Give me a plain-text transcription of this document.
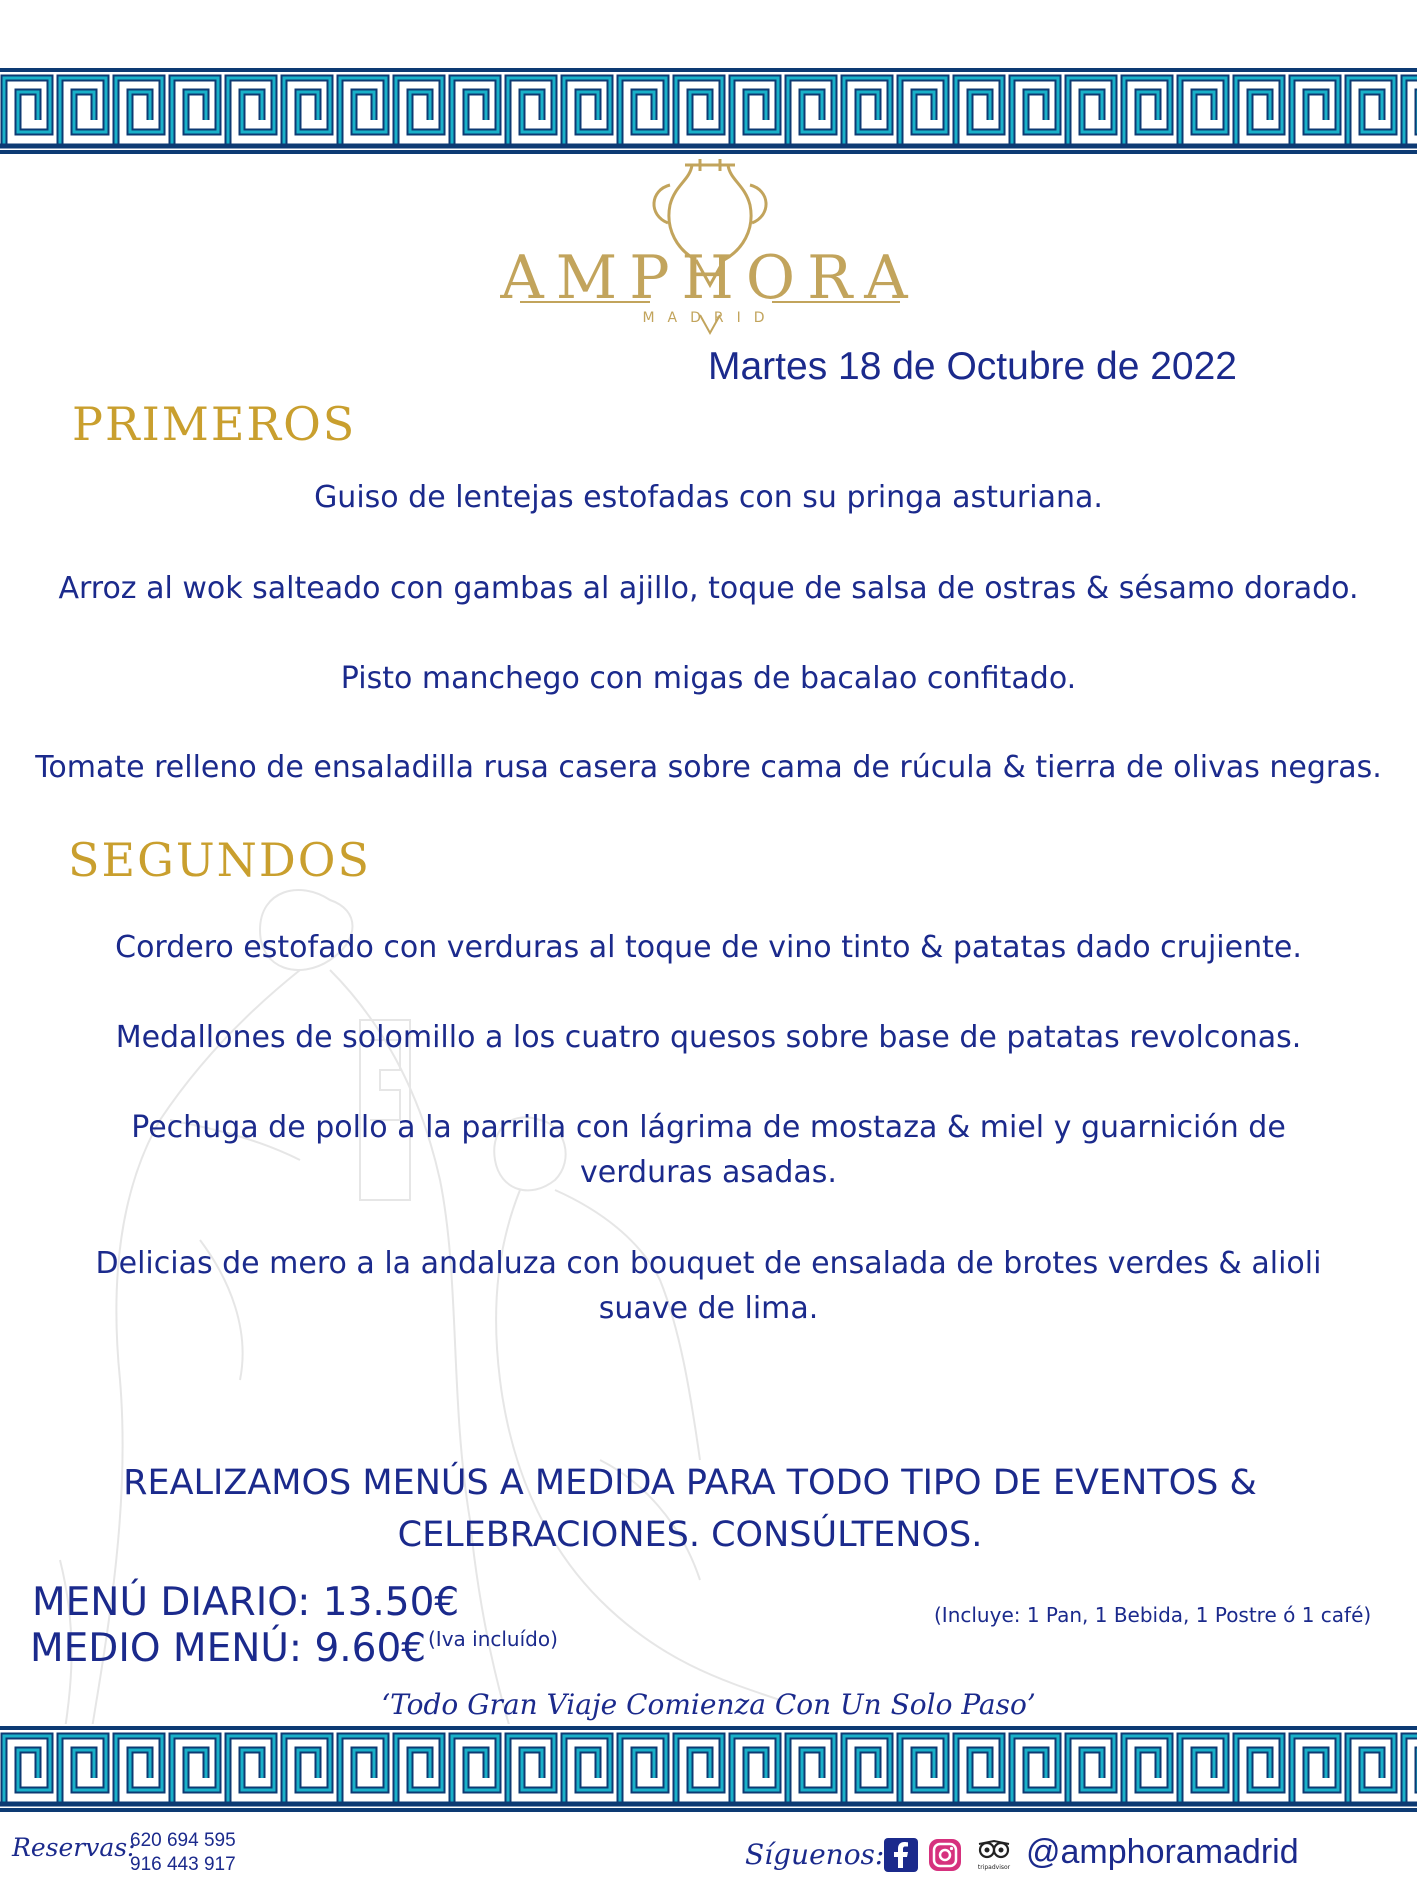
AMPHORA
MADRID
Martes 18 de Octubre de 2022
PRIMEROS
Guiso de lentejas estofadas con su pringa asturiana.
Arroz al wok salteado con gambas al ajillo, toque de salsa de ostras & sésamo dorado.
Pisto manchego con migas de bacalao confitado.
Tomate relleno de ensaladilla rusa casera sobre cama de rúcula & tierra de olivas negras.
SEGUNDOS
Cordero estofado con verduras al toque de vino tinto & patatas dado crujiente.
Medallones de solomillo a los cuatro quesos sobre base de patatas revolconas.
Pechuga de pollo a la parrilla con lágrima de mostaza & miel y guarnición de
verduras asadas.
Delicias de mero a la andaluza con bouquet de ensalada de brotes verdes & alioli
suave de lima.
REALIZAMOS MENÚS A MEDIDA PARA TODO TIPO DE EVENTOS &
CELEBRACIONES. CONSÚLTENOS.
MENÚ DIARIO: 13.50€
MEDIO MENÚ: 9.60€ (Iva incluído)
(Incluye: 1 Pan, 1 Bebida, 1 Postre ó 1 café)
‘Todo Gran Viaje Comienza Con Un Solo Paso’
Reservas:
620 694 595
916 443 917	Síguenos:	tripadvisor @amphoramadrid
